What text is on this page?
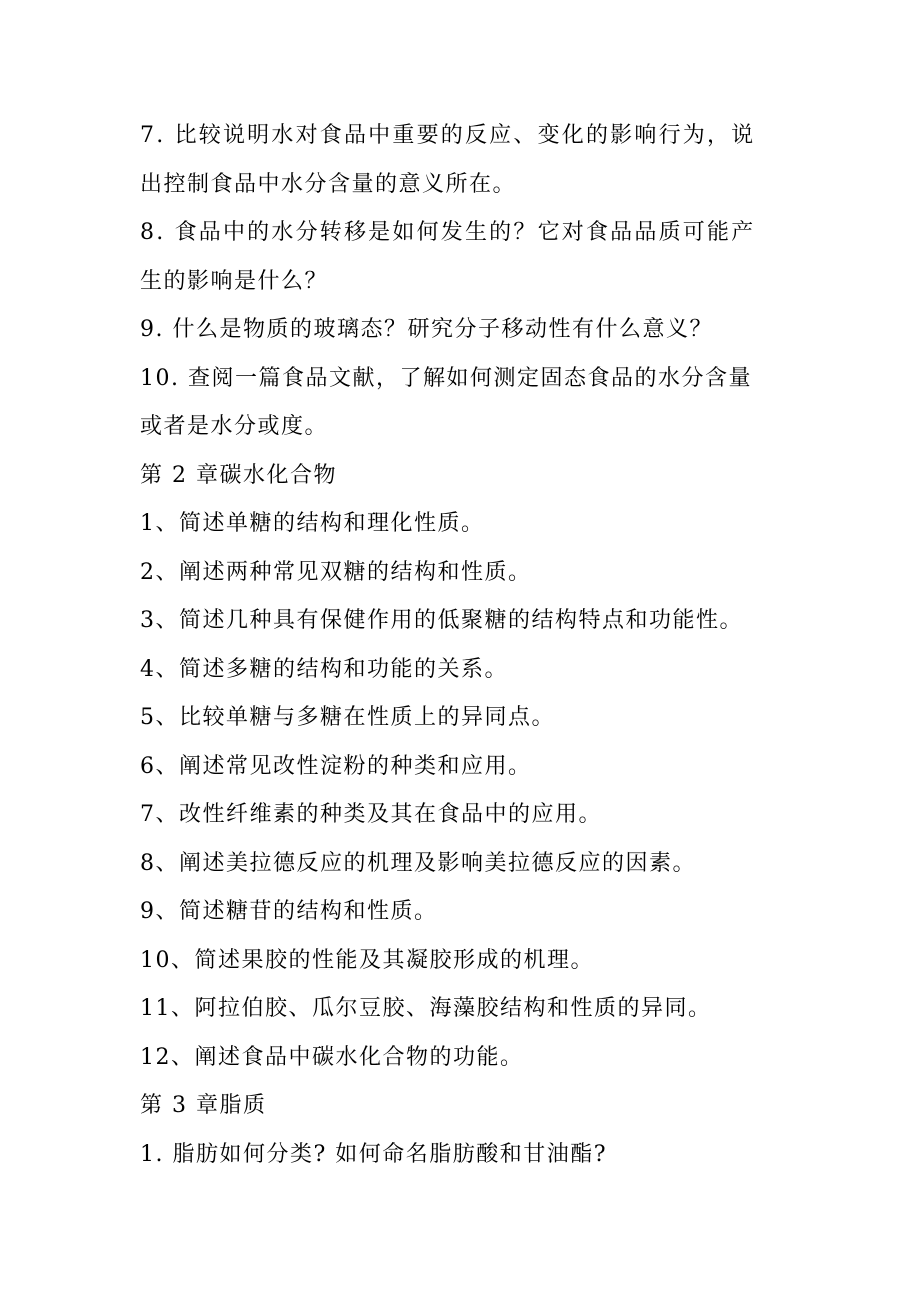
7. 比较说明水对食品中重要的反应、变化的影响行为，说
出控制食品中水分含量的意义所在。
8. 食品中的水分转移是如何发生的？它对食品品质可能产
生的影响是什么？
9. 什么是物质的玻璃态？研究分子移动性有什么意义？
10. 查阅一篇食品文献，了解如何测定固态食品的水分含量
或者是水分或度。
第 2 章碳水化合物
1、简述单糖的结构和理化性质。
2、阐述两种常见双糖的结构和性质。
3、简述几种具有保健作用的低聚糖的结构特点和功能性。
4、简述多糖的结构和功能的关系。
5、比较单糖与多糖在性质上的异同点。
6、阐述常见改性淀粉的种类和应用。
7、改性纤维素的种类及其在食品中的应用。
8、阐述美拉德反应的机理及影响美拉德反应的因素。
9、简述糖苷的结构和性质。
10、简述果胶的性能及其凝胶形成的机理。
11、阿拉伯胶、瓜尔豆胶、海藻胶结构和性质的异同。
12、阐述食品中碳水化合物的功能。
第 3 章脂质
1. 脂肪如何分类? 如何命名脂肪酸和甘油酯?
